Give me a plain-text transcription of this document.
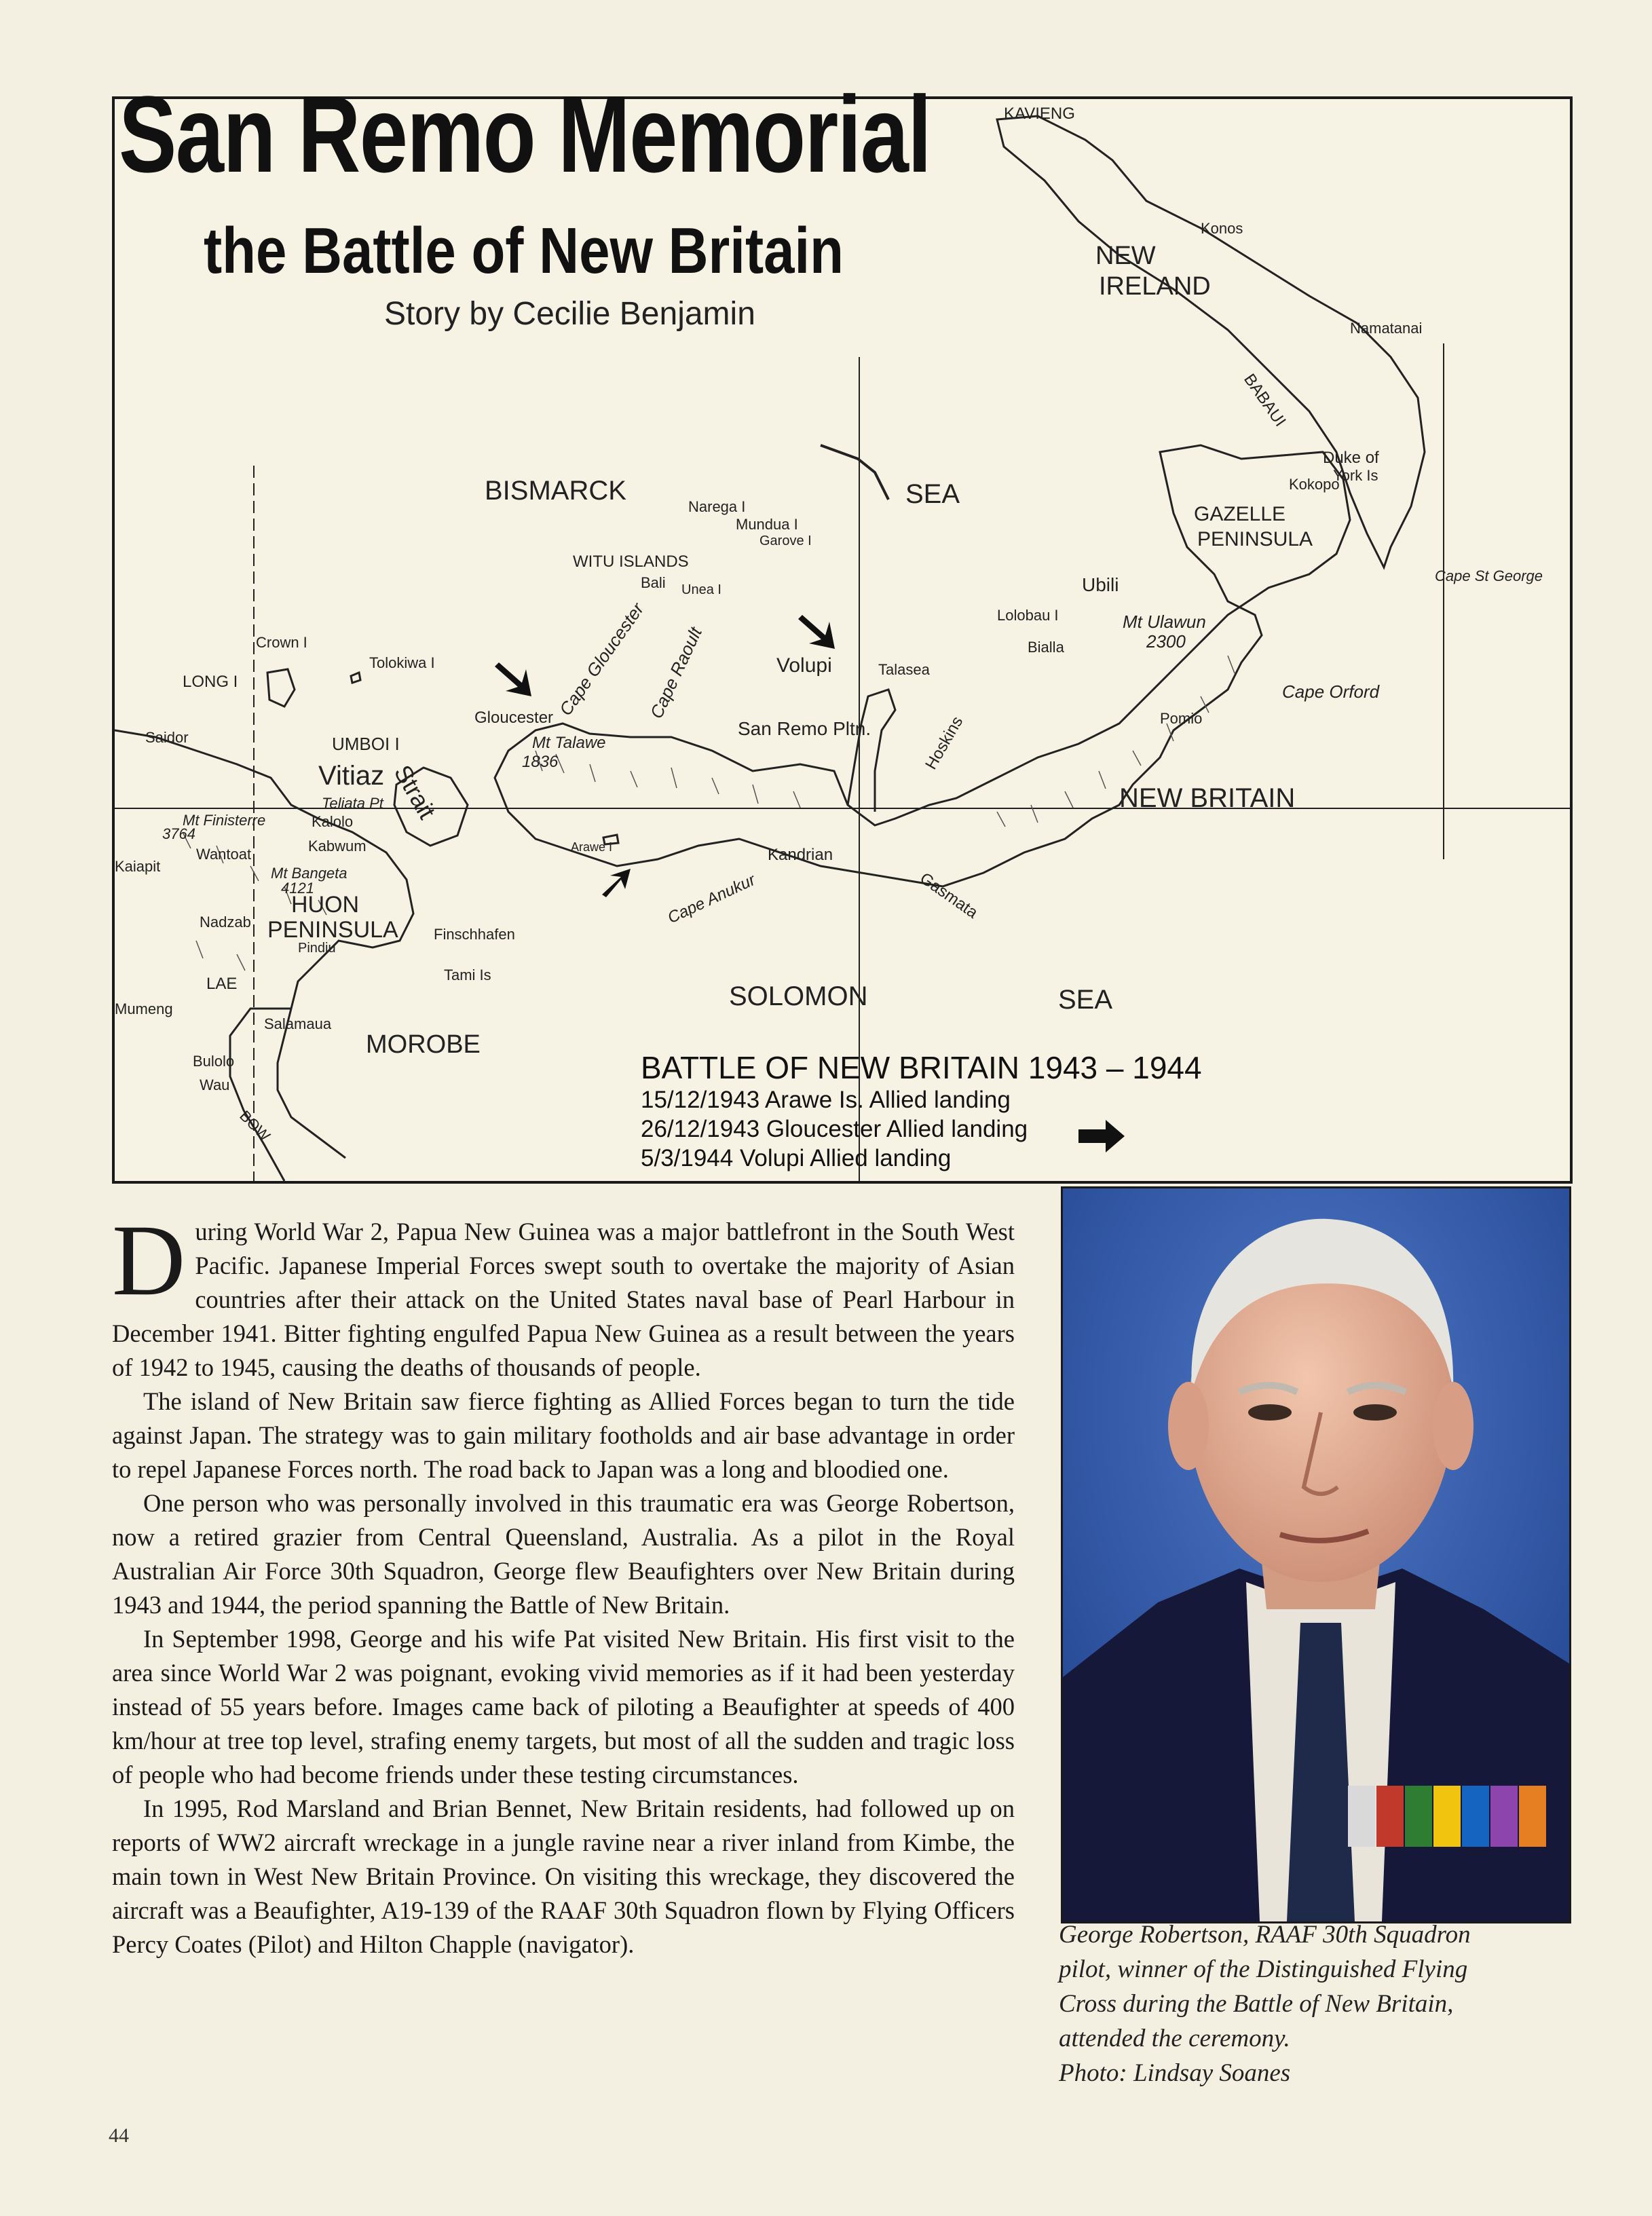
KAVIENG
NEW
IRELAND
Konos
Namatanai
BABAUI
Duke of
York Is
Kokopo
GAZELLE
PENINSULA
Cape St George
BISMARCK	SEA
Narega I
Mundua I
Garove I
WITU ISLANDS
Bali Unea I	Ubili
Lolobau I
Bialla
Mt Ulawun
2300
Cape Orford
Pomio
Crown I
LONG I
Tolokiwa I	Cape Gloucester
Cape Raoult	Volupi	Talasea
Gloucester
San Remo Pltn.
Mt Talawe
1836	Hoskins
NEW BRITAIN
Saidor	UMBOI I
Vitiaz Strait
Teliata Pt
Kalolo
Kabwum
Wantoat
Kaiapit	Mt Bangeta
4121
Mt Finisterre
3764
HUON
PENINSULA
Pindiu
Nadzab
Finschhafen
Tami Is
LAE
Mumeng
Salamaua
Bulolo
Wau
BOW
MOROBE
Arawe I	Kandrian
Cape Anukur	Gasmata
SOLOMON	SEA
BATTLE OF NEW BRITAIN 1943 – 1944
15/12/1943 Arawe Is. Allied landing
26/12/1943 Gloucester Allied landing
5/3/1944 Volupi Allied landing
San Remo Memorial
the Battle of New Britain
Story by Cecilie Benjamin

During World War 2, Papua New Guinea was a major battlefront in the South West Pacific. Japanese Imperial Forces swept south to overtake the majority of Asian countries after their attack on the United States naval base of Pearl Harbour in December 1941. Bitter fighting engulfed Papua New Guinea as a result between the years of 1942 to 1945, causing the deaths of thousands of people.

The island of New Britain saw fierce fighting as Allied Forces began to turn the tide against Japan. The strategy was to gain military footholds and air base advantage in order to repel Japanese Forces north. The road back to Japan was a long and bloodied one.

One person who was personally involved in this traumatic era was George Robertson, now a retired grazier from Central Queensland, Australia. As a pilot in the Royal Australian Air Force 30th Squadron, George flew Beaufighters over New Britain during 1943 and 1944, the period spanning the Battle of New Britain.

In September 1998, George and his wife Pat visited New Britain. His first visit to the area since World War 2 was poignant, evoking vivid memories as if it had been yesterday instead of 55 years before. Images came back of piloting a Beaufighter at speeds of 400 km/hour at tree top level, strafing enemy targets, but most of all the sudden and tragic loss of people who had become friends under these testing circumstances.

In 1995, Rod Marsland and Brian Bennet, New Britain residents, had followed up on reports of WW2 aircraft wreckage in a jungle ravine near a river inland from Kimbe, the main town in West New Britain Province. On visiting this wreckage, they discovered the aircraft was a Beaufighter, A19-139 of the RAAF 30th Squadron flown by Flying Officers Percy Coates (Pilot) and Hilton Chapple (navigator).	George Robertson, RAAF 30th Squadron
pilot, winner of the Distinguished Flying
Cross during the Battle of New Britain,
attended the ceremony.
Photo: Lindsay Soanes
44
